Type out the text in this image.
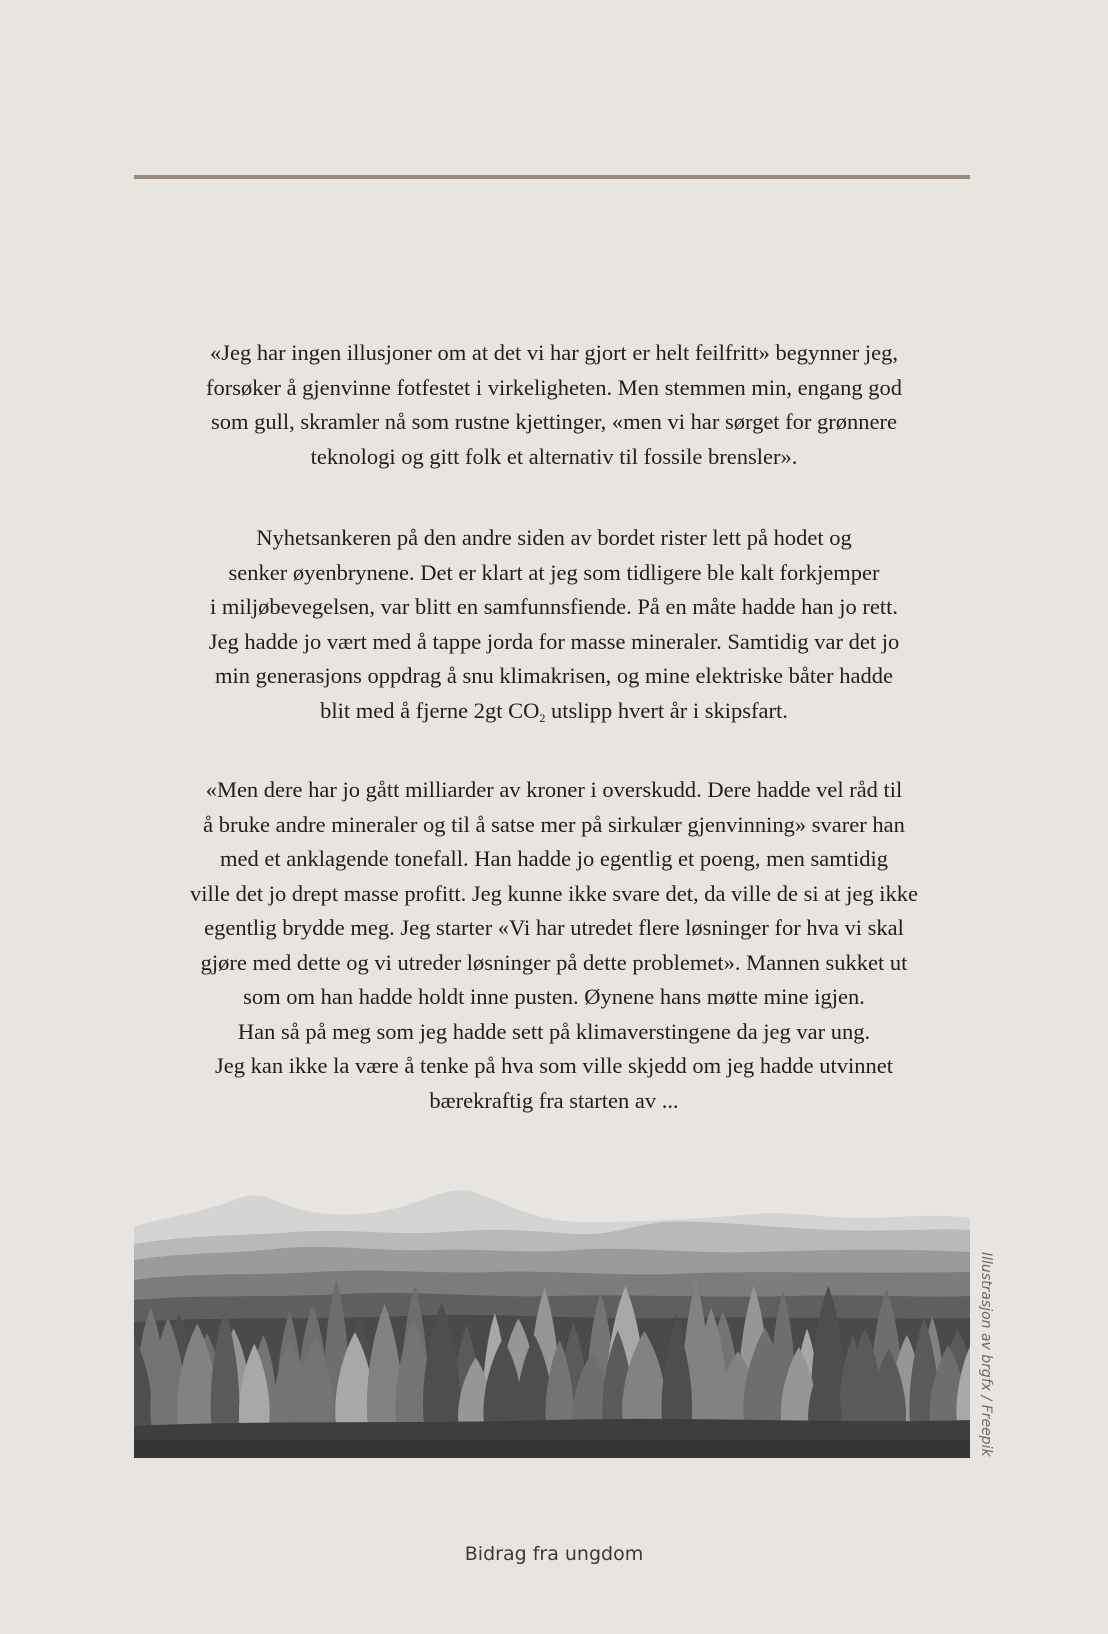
«Jeg har ingen illusjoner om at det vi har gjort er helt feilfritt» begynner jeg,
forsøker å gjenvinne fotfestet i virkeligheten. Men stemmen min, engang god
som gull, skramler nå som rustne kjettinger, «men vi har sørget for grønnere
teknologi og gitt folk et alternativ til fossile brensler».
Nyhetsankeren på den andre siden av bordet rister lett på hodet og
senker øyenbrynene. Det er klart at jeg som tidligere ble kalt forkjemper
i miljøbevegelsen, var blitt en samfunnsfiende. På en måte hadde han jo rett.
Jeg hadde jo vært med å tappe jorda for masse mineraler. Samtidig var det jo
min generasjons oppdrag å snu klimakrisen, og mine elektriske båter hadde
blit med å fjerne 2gt $CO_2$ utslipp hvert år i skipsfart.
«Men dere har jo gått milliarder av kroner i overskudd. Dere hadde vel råd til
å bruke andre mineraler og til å satse mer på sirkulær gjenvinning» svarer han
med et anklagende tonefall. Han hadde jo egentlig et poeng, men samtidig
ville det jo drept masse profitt. Jeg kunne ikke svare det, da ville de si at jeg ikke
egentlig brydde meg. Jeg starter «Vi har utredet flere løsninger for hva vi skal
gjøre med dette og vi utreder løsninger på dette problemet». Mannen sukket ut
som om han hadde holdt inne pusten. Øynene hans møtte mine igjen.
Han så på meg som jeg hadde sett på klimaverstingene da jeg var ung.
Jeg kan ikke la være å tenke på hva som ville skjedd om jeg hadde utvinnet
bærekraftig fra starten av ...
Illustrasjon av brgfx / Freepik
Bidrag fra ungdom
